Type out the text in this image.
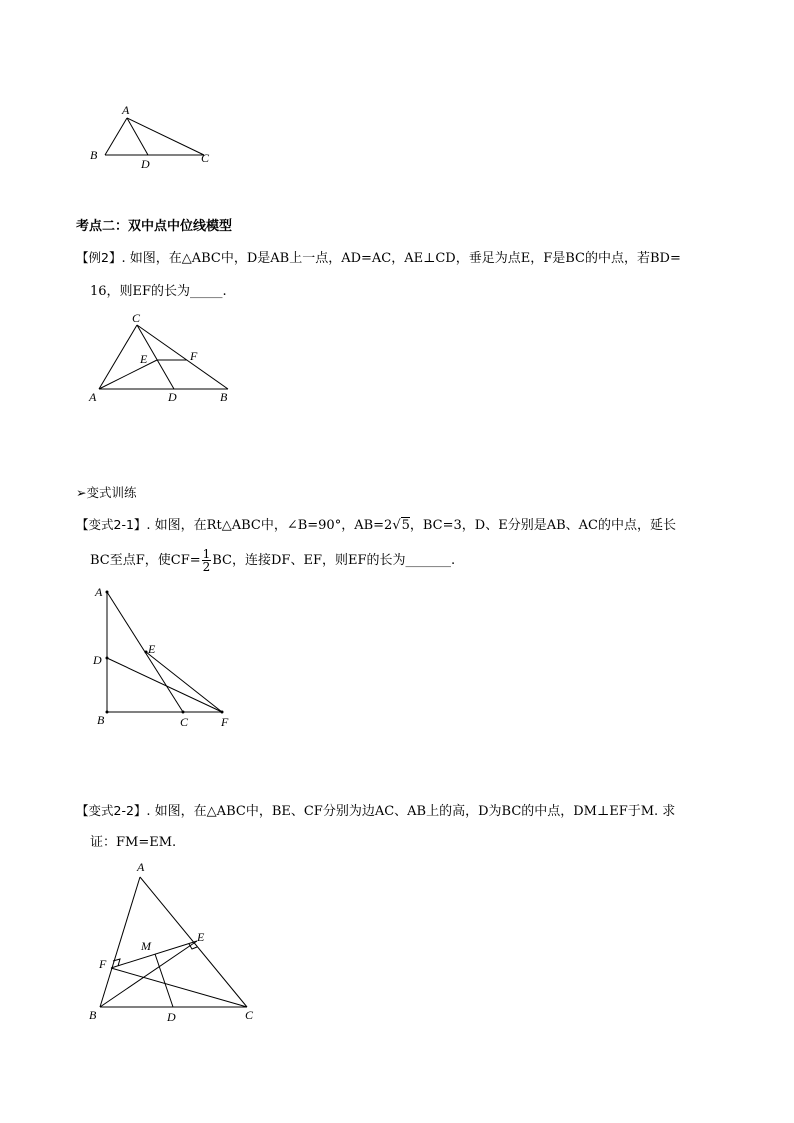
A
B
D	C
考点二：双中点中位线模型
【例2】. 如图，在△ABC中，D是AB上一点，AD=AC，AE⊥CD，垂足为点E，F是BC的中点，若BD=
16，则EF的长为_____.
C
E	F
A	D	B
➢变式训练
【变式2-1】. 如图，在Rt△ABC中，∠B=90°，AB=2√5，BC=3，D、E分别是AB、AC的中点，延长
BC至点F，使$CF= \frac{1}{2}$ BC，连接DF、EF，则EF的长为_______.
A
D
E
B	C	F
【变式2-2】. 如图，在△ABC中，BE、CF分别为边AC、AB上的高，D为BC的中点，DM⊥EF于M. 求
证：FM=EM.
A
E
M
F
B	D	C
